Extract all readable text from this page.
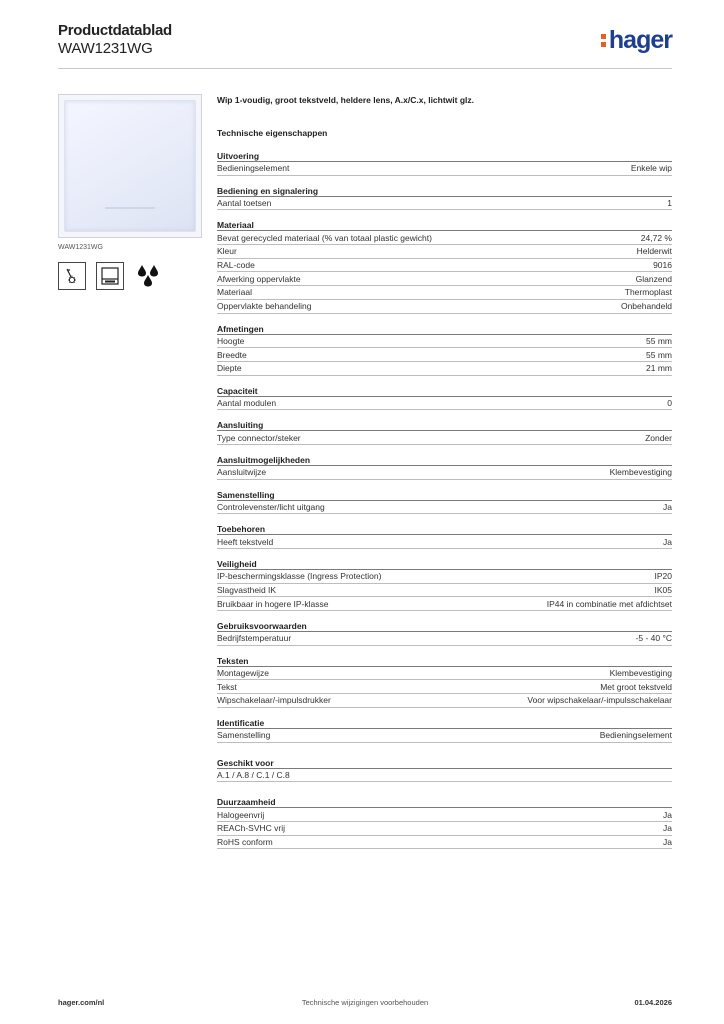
Productdatablad
WAW1231WG	hager
WAW1231WG
Wip 1-voudig, groot tekstveld, heldere lens, A.x/C.x, lichtwit glz.
Technische eigenschappen
Uitvoering
Bedieningselement	Enkele wip
Bediening en signalering
Aantal toetsen	1
Materiaal
Bevat gerecycled materiaal (% van totaal plastic gewicht)	24,72 %
Kleur	Helderwit
RAL-code	9016
Afwerking oppervlakte	Glanzend
Materiaal	Thermoplast
Oppervlakte behandeling	Onbehandeld
Afmetingen
Hoogte	55 mm
Breedte	55 mm
Diepte	21 mm
Capaciteit
Aantal modulen	0
Aansluiting
Type connector/steker	Zonder
Aansluitmogelijkheden
Aansluitwijze	Klembevestiging
Samenstelling
Controlevenster/licht uitgang	Ja
Toebehoren
Heeft tekstveld	Ja
Veiligheid
IP-beschermingsklasse (Ingress Protection)	IP20
Slagvastheid IK	IK05
Bruikbaar in hogere IP-klasse	IP44 in combinatie met afdichtset
Gebruiksvoorwaarden
Bedrijfstemperatuur	-5 - 40 °C
Teksten
Montagewijze	Klembevestiging
Tekst	Met groot tekstveld
Wipschakelaar/-impulsdrukker	Voor wipschakelaar/-impulsschakelaar
Identificatie
Samenstelling	Bedieningselement
Geschikt voor
A.1 / A.8 / C.1 / C.8
Duurzaamheid
Halogeenvrij	Ja
REACh-SVHC vrij	Ja
RoHS conform	Ja
hager.com/nl	Technische wijzigingen voorbehouden	01.04.2026
